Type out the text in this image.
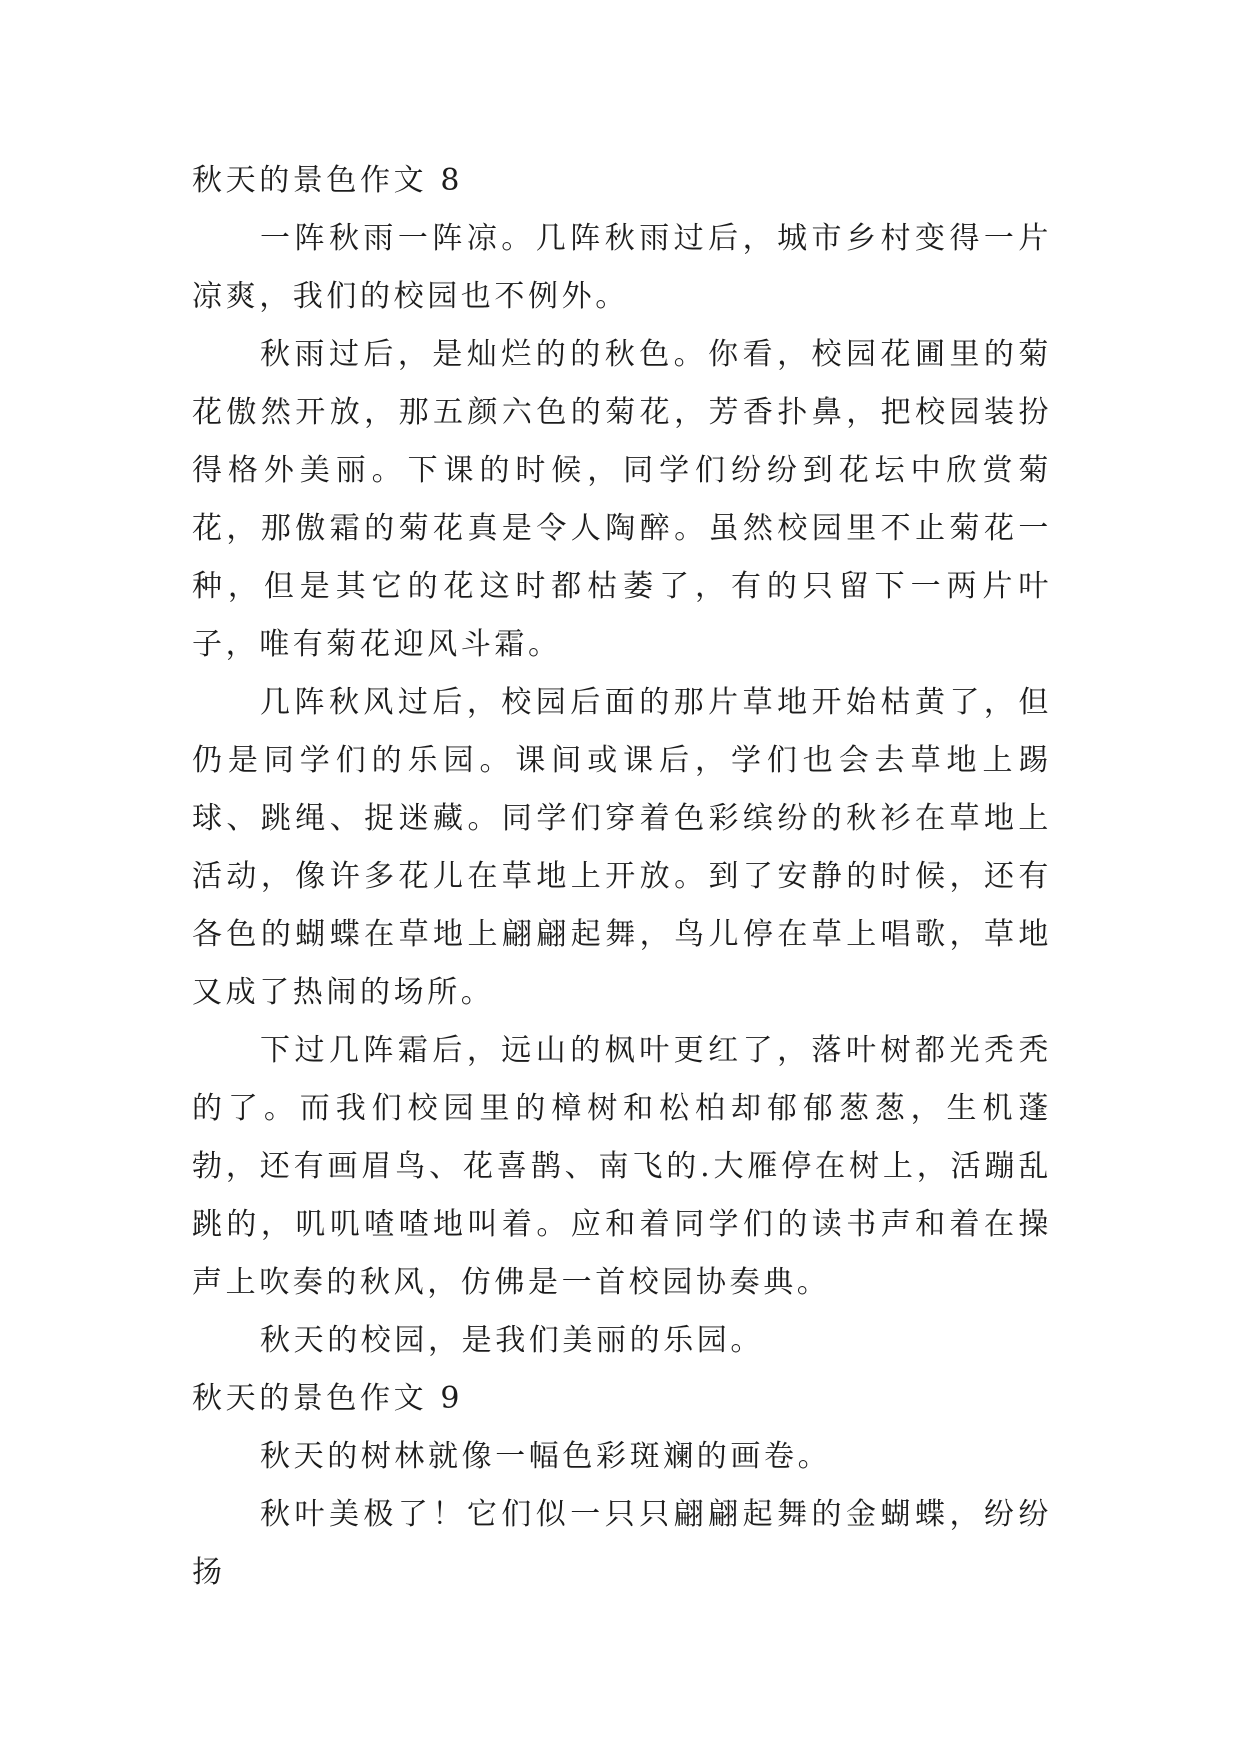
秋天的景色作文 8

一阵秋雨一阵凉。几阵秋雨过后，城市乡村变得一片凉爽，我们的校园也不例外。

秋雨过后，是灿烂的的秋色。你看，校园花圃里的菊花傲然开放，那五颜六色的菊花，芳香扑鼻，把校园装扮得格外美丽。下课的时候，同学们纷纷到花坛中欣赏菊花，那傲霜的菊花真是令人陶醉。虽然校园里不止菊花一种，但是其它的花这时都枯萎了，有的只留下一两片叶子，唯有菊花迎风斗霜。

几阵秋风过后，校园后面的那片草地开始枯黄了，但仍是同学们的乐园。课间或课后，学们也会去草地上踢球、跳绳、捉迷藏。同学们穿着色彩缤纷的秋衫在草地上活动，像许多花儿在草地上开放。到了安静的时候，还有各色的蝴蝶在草地上翩翩起舞，鸟儿停在草上唱歌，草地又成了热闹的场所。

下过几阵霜后，远山的枫叶更红了，落叶树都光秃秃的了。而我们校园里的樟树和松柏却郁郁葱葱，生机蓬勃，还有画眉鸟、花喜鹊、南飞的.大雁停在树上，活蹦乱跳的，叽叽喳喳地叫着。应和着同学们的读书声和着在操声上吹奏的秋风，仿佛是一首校园协奏典。

秋天的校园，是我们美丽的乐园。

秋天的景色作文 9

秋天的树林就像一幅色彩斑斓的画卷。

秋叶美极了！它们似一只只翩翩起舞的金蝴蝶，纷纷扬
